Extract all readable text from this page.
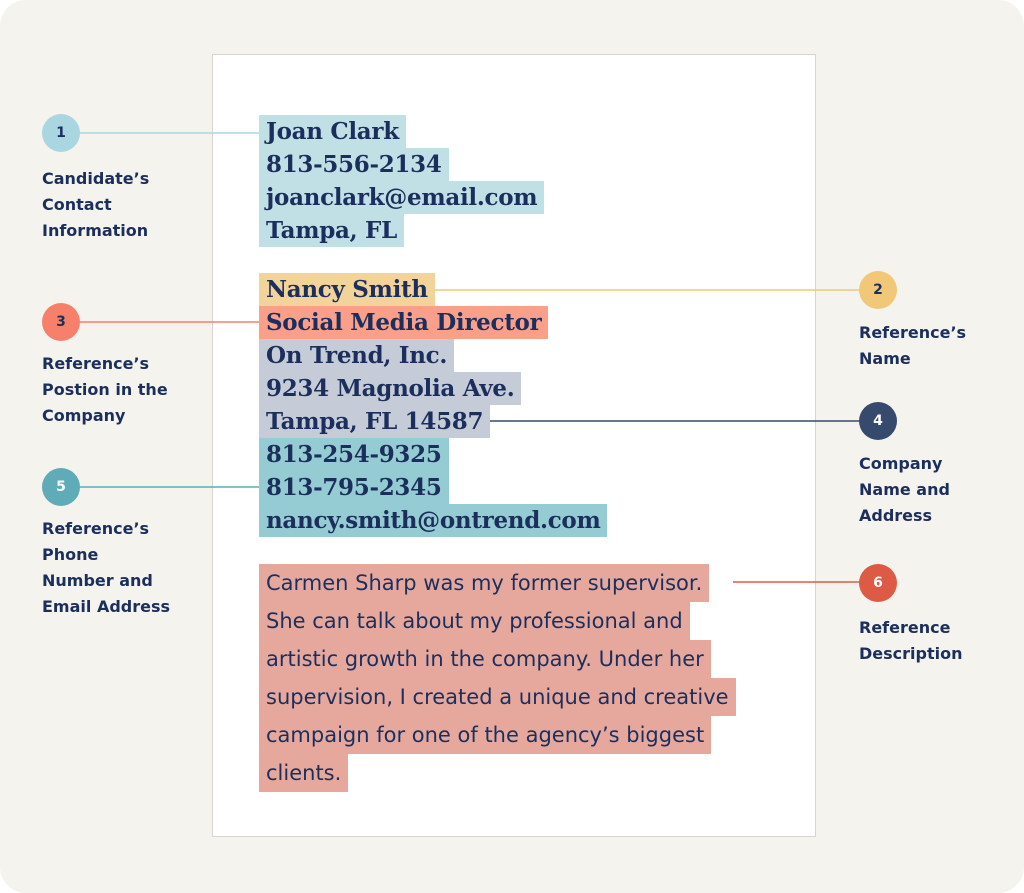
Joan Clark
813-556-2134
joanclark@email.com
Tampa, FL
Nancy Smith
Social Media Director
On Trend, Inc.
9234 Magnolia Ave.
Tampa, FL 14587
813-254-9325
813-795-2345
nancy.smith@ontrend.com
Carmen Sharp was my former supervisor.
She can talk about my professional and
artistic growth in the company. Under her
supervision, I created a unique and creative
campaign for one of the agency’s biggest
clients.
1
2
3
4
5
6
Candidate’s
Contact
Information
Reference’s
Name
Reference’s
Postion in the
Company
Company
Name and
Address
Reference’s
Phone
Number and
Email Address
Reference
Description
